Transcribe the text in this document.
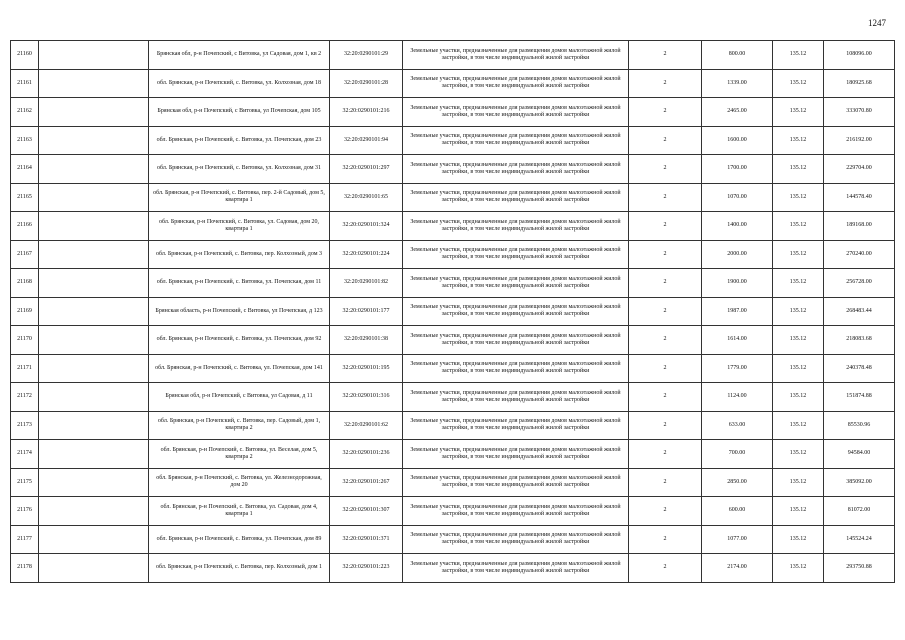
1247
21160		Брянская обл, р-н Почепский, с Витовка, ул Садовая, дом 1, кв 2	32:20:0290101:29	Земельные участки, предназначенные для размещения домов малоэтажной жилой застройки, в том числе индивидуальной жилой застройки	2	800.00	135.12	108096.00
21161		обл. Брянская, р-н Почепский, с. Витовка, ул. Колхозная, дом 18	32:20:0290101:28	Земельные участки, предназначенные для размещения домов малоэтажной жилой застройки, в том числе индивидуальной жилой застройки	2	1339.00	135.12	180925.68
21162		Брянская обл, р-н Почепский, с Витовка, ул Почепская, дом 105	32:20:0290101:216	Земельные участки, предназначенные для размещения домов малоэтажной жилой застройки, в том числе индивидуальной жилой застройки	2	2465.00	135.12	333070.80
21163		обл. Брянская, р-н Почепский, с. Витовка, ул. Почепская, дом 23	32:20:0290101:94	Земельные участки, предназначенные для размещения домов малоэтажной жилой застройки, в том числе индивидуальной жилой застройки	2	1600.00	135.12	216192.00
21164		обл. Брянская, р-н Почепский, с. Витовка, ул. Колхозная, дом 31	32:20:0290101:297	Земельные участки, предназначенные для размещения домов малоэтажной жилой застройки, в том числе индивидуальной жилой застройки	2	1700.00	135.12	229704.00
21165		обл. Брянская, р-н Почепский, с. Витовка, пер. 2-й Садовый, дом 5, квартира 1	32:20:0290101:65	Земельные участки, предназначенные для размещения домов малоэтажной жилой застройки, в том числе индивидуальной жилой застройки	2	1070.00	135.12	144578.40
21166		обл. Брянская, р-н Почепский, с. Витовка, ул. Садовая, дом 20, квартира 1	32:20:0290101:324	Земельные участки, предназначенные для размещения домов малоэтажной жилой застройки, в том числе индивидуальной жилой застройки	2	1400.00	135.12	189168.00
21167		обл. Брянская, р-н Почепский, с. Витовка, пер. Колхозный, дом 3	32:20:0290101:224	Земельные участки, предназначенные для размещения домов малоэтажной жилой застройки, в том числе индивидуальной жилой застройки	2	2000.00	135.12	270240.00
21168		обл. Брянская, р-н Почепский, с. Витовка, ул. Почепская, дом 11	32:20:0290101:82	Земельные участки, предназначенные для размещения домов малоэтажной жилой застройки, в том числе индивидуальной жилой застройки	2	1900.00	135.12	256728.00
21169		Брянская область, р-н Почепский, с Витовка, ул Почепская, д 123	32:20:0290101:177	Земельные участки, предназначенные для размещения домов малоэтажной жилой застройки, в том числе индивидуальной жилой застройки	2	1987.00	135.12	268483.44
21170		обл. Брянская, р-н Почепский, с. Витовка, ул. Почепская, дом 92	32:20:0290101:38	Земельные участки, предназначенные для размещения домов малоэтажной жилой застройки, в том числе индивидуальной жилой застройки	2	1614.00	135.12	218083.68
21171		обл. Брянская, р-н Почепский, с. Витовка, ул. Почепская, дом 141	32:20:0290101:195	Земельные участки, предназначенные для размещения домов малоэтажной жилой застройки, в том числе индивидуальной жилой застройки	2	1779.00	135.12	240378.48
21172		Брянская обл, р-н Почепский, с Витовка, ул Садовая, д 11	32:20:0290101:316	Земельные участки, предназначенные для размещения домов малоэтажной жилой застройки, в том числе индивидуальной жилой застройки	2	1124.00	135.12	151874.88
21173		обл. Брянская, р-н Почепский, с. Витовка, пер. Садовый, дом 1, квартира 2	32:20:0290101:62	Земельные участки, предназначенные для размещения домов малоэтажной жилой застройки, в том числе индивидуальной жилой застройки	2	633.00	135.12	85530.96
21174		обл. Брянская, р-н Почепский, с. Витовка, ул. Веселая, дом 5, квартира 2	32:20:0290101:236	Земельные участки, предназначенные для размещения домов малоэтажной жилой застройки, в том числе индивидуальной жилой застройки	2	700.00	135.12	94584.00
21175		обл. Брянская, р-н Почепский, с. Витовка, ул. Железнодорожная, дом 20	32:20:0290101:267	Земельные участки, предназначенные для размещения домов малоэтажной жилой застройки, в том числе индивидуальной жилой застройки	2	2850.00	135.12	385092.00
21176		обл. Брянская, р-н Почепский, с. Витовка, ул. Садовая, дом 4, квартира 1	32:20:0290101:307	Земельные участки, предназначенные для размещения домов малоэтажной жилой застройки, в том числе индивидуальной жилой застройки	2	600.00	135.12	81072.00
21177		обл. Брянская, р-н Почепский, с. Витовка, ул. Почепская, дом 89	32:20:0290101:371	Земельные участки, предназначенные для размещения домов малоэтажной жилой застройки, в том числе индивидуальной жилой застройки	2	1077.00	135.12	145524.24
21178		обл. Брянская, р-н Почепский, с. Витовка, пер. Колхозный, дом 1	32:20:0290101:223	Земельные участки, предназначенные для размещения домов малоэтажной жилой застройки, в том числе индивидуальной жилой застройки	2	2174.00	135.12	293750.88
